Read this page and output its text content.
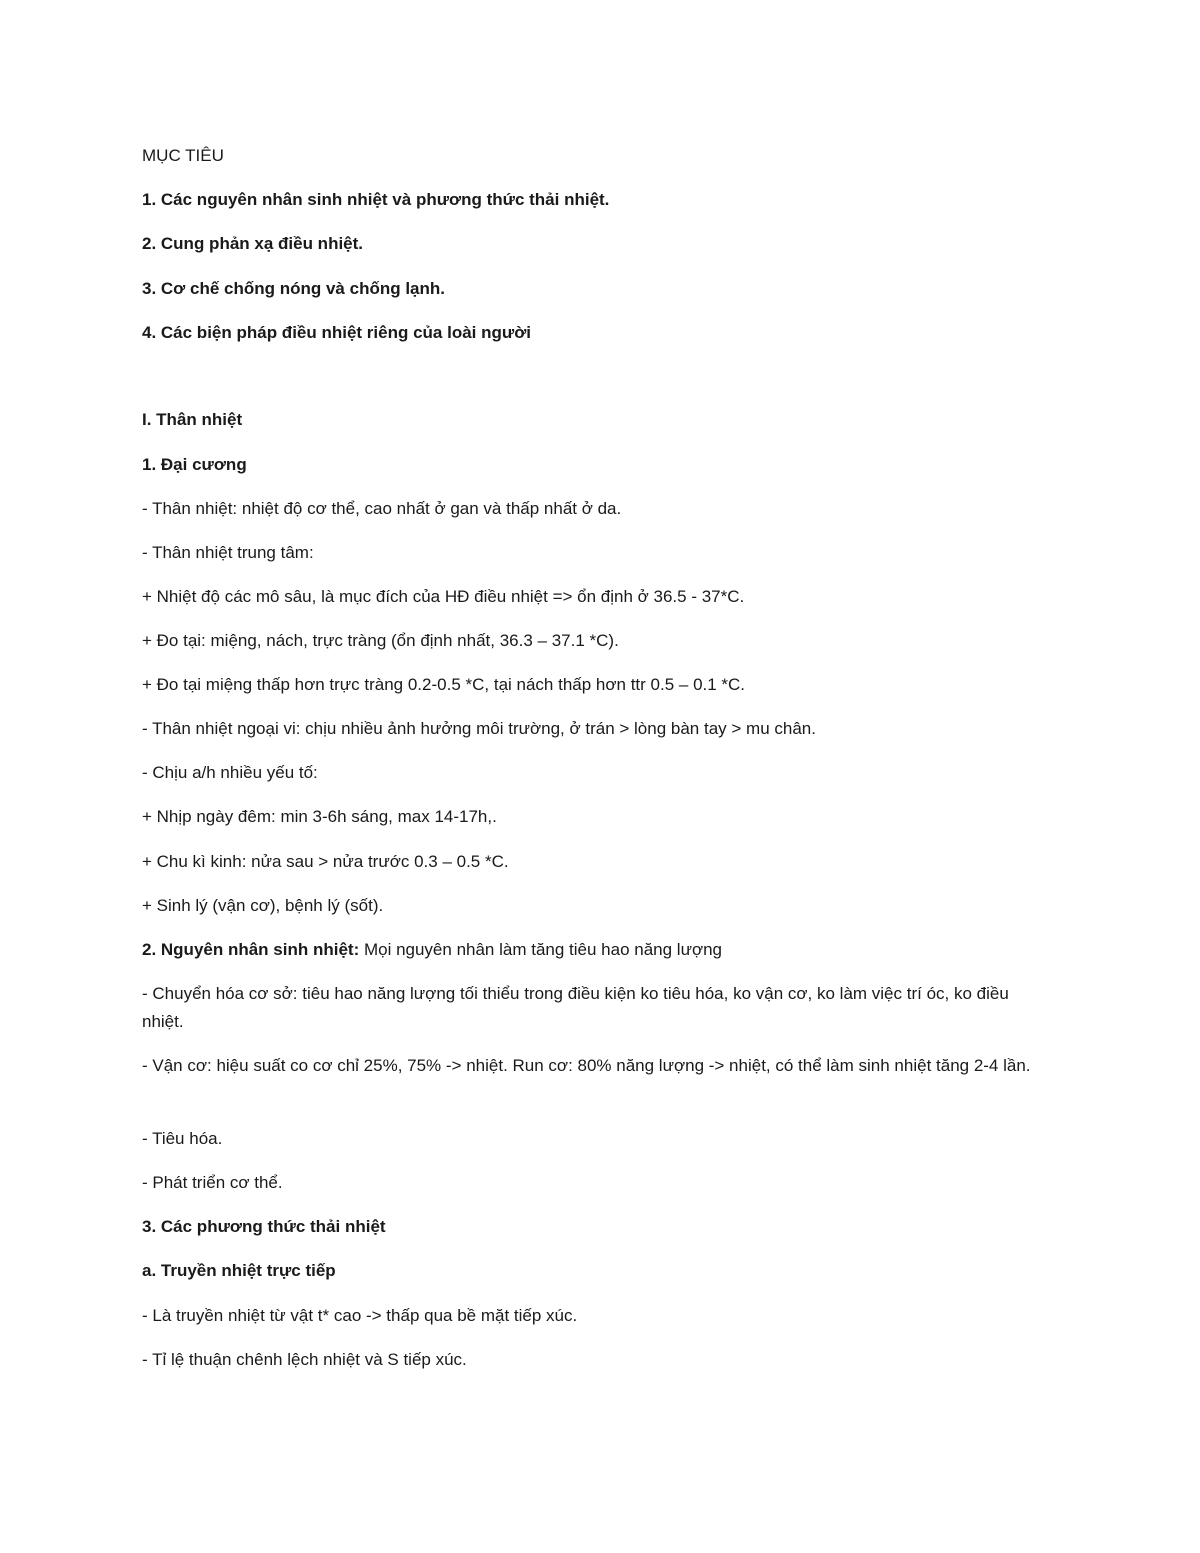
MỤC TIÊU
1. Các nguyên nhân sinh nhiệt và phương thức thải nhiệt.
2. Cung phản xạ điều nhiệt.
3. Cơ chế chống nóng và chống lạnh.
4. Các biện pháp điều nhiệt riêng của loài người
I. Thân nhiệt
1. Đại cương
- Thân nhiệt: nhiệt độ cơ thể, cao nhất ở gan và thấp nhất ở da.
- Thân nhiệt trung tâm:
+ Nhiệt độ các mô sâu, là mục đích của HĐ điều nhiệt => ổn định ở 36.5 - 37*C.
+ Đo tại: miệng, nách, trực tràng (ổn định nhất, 36.3 – 37.1 *C).
+ Đo tại miệng thấp hơn trực tràng 0.2-0.5 *C, tại nách thấp hơn ttr 0.5 – 0.1 *C.
- Thân nhiệt ngoại vi: chịu nhiều ảnh hưởng môi trường, ở trán > lòng bàn tay > mu chân.
- Chịu a/h nhiều yếu tố:
+ Nhịp ngày đêm: min 3-6h sáng, max 14-17h,.
+ Chu kì kinh: nửa sau > nửa trước 0.3 – 0.5 *C.
+ Sinh lý (vận cơ), bệnh lý (sốt).
2. Nguyên nhân sinh nhiệt: Mọi nguyên nhân làm tăng tiêu hao năng lượng
- Chuyển hóa cơ sở: tiêu hao năng lượng tối thiểu trong điều kiện ko tiêu hóa, ko vận cơ, ko làm việc trí óc, ko điều nhiệt.
- Vận cơ: hiệu suất co cơ chỉ 25%, 75% -> nhiệt. Run cơ: 80% năng lượng -> nhiệt, có thể làm sinh nhiệt tăng 2-4 lần.
- Tiêu hóa.
- Phát triển cơ thể.
3. Các phương thức thải nhiệt
a. Truyền nhiệt trực tiếp
- Là truyền nhiệt từ vật t* cao -> thấp qua bề mặt tiếp xúc.
- Tỉ lệ thuận chênh lệch nhiệt và S tiếp xúc.
